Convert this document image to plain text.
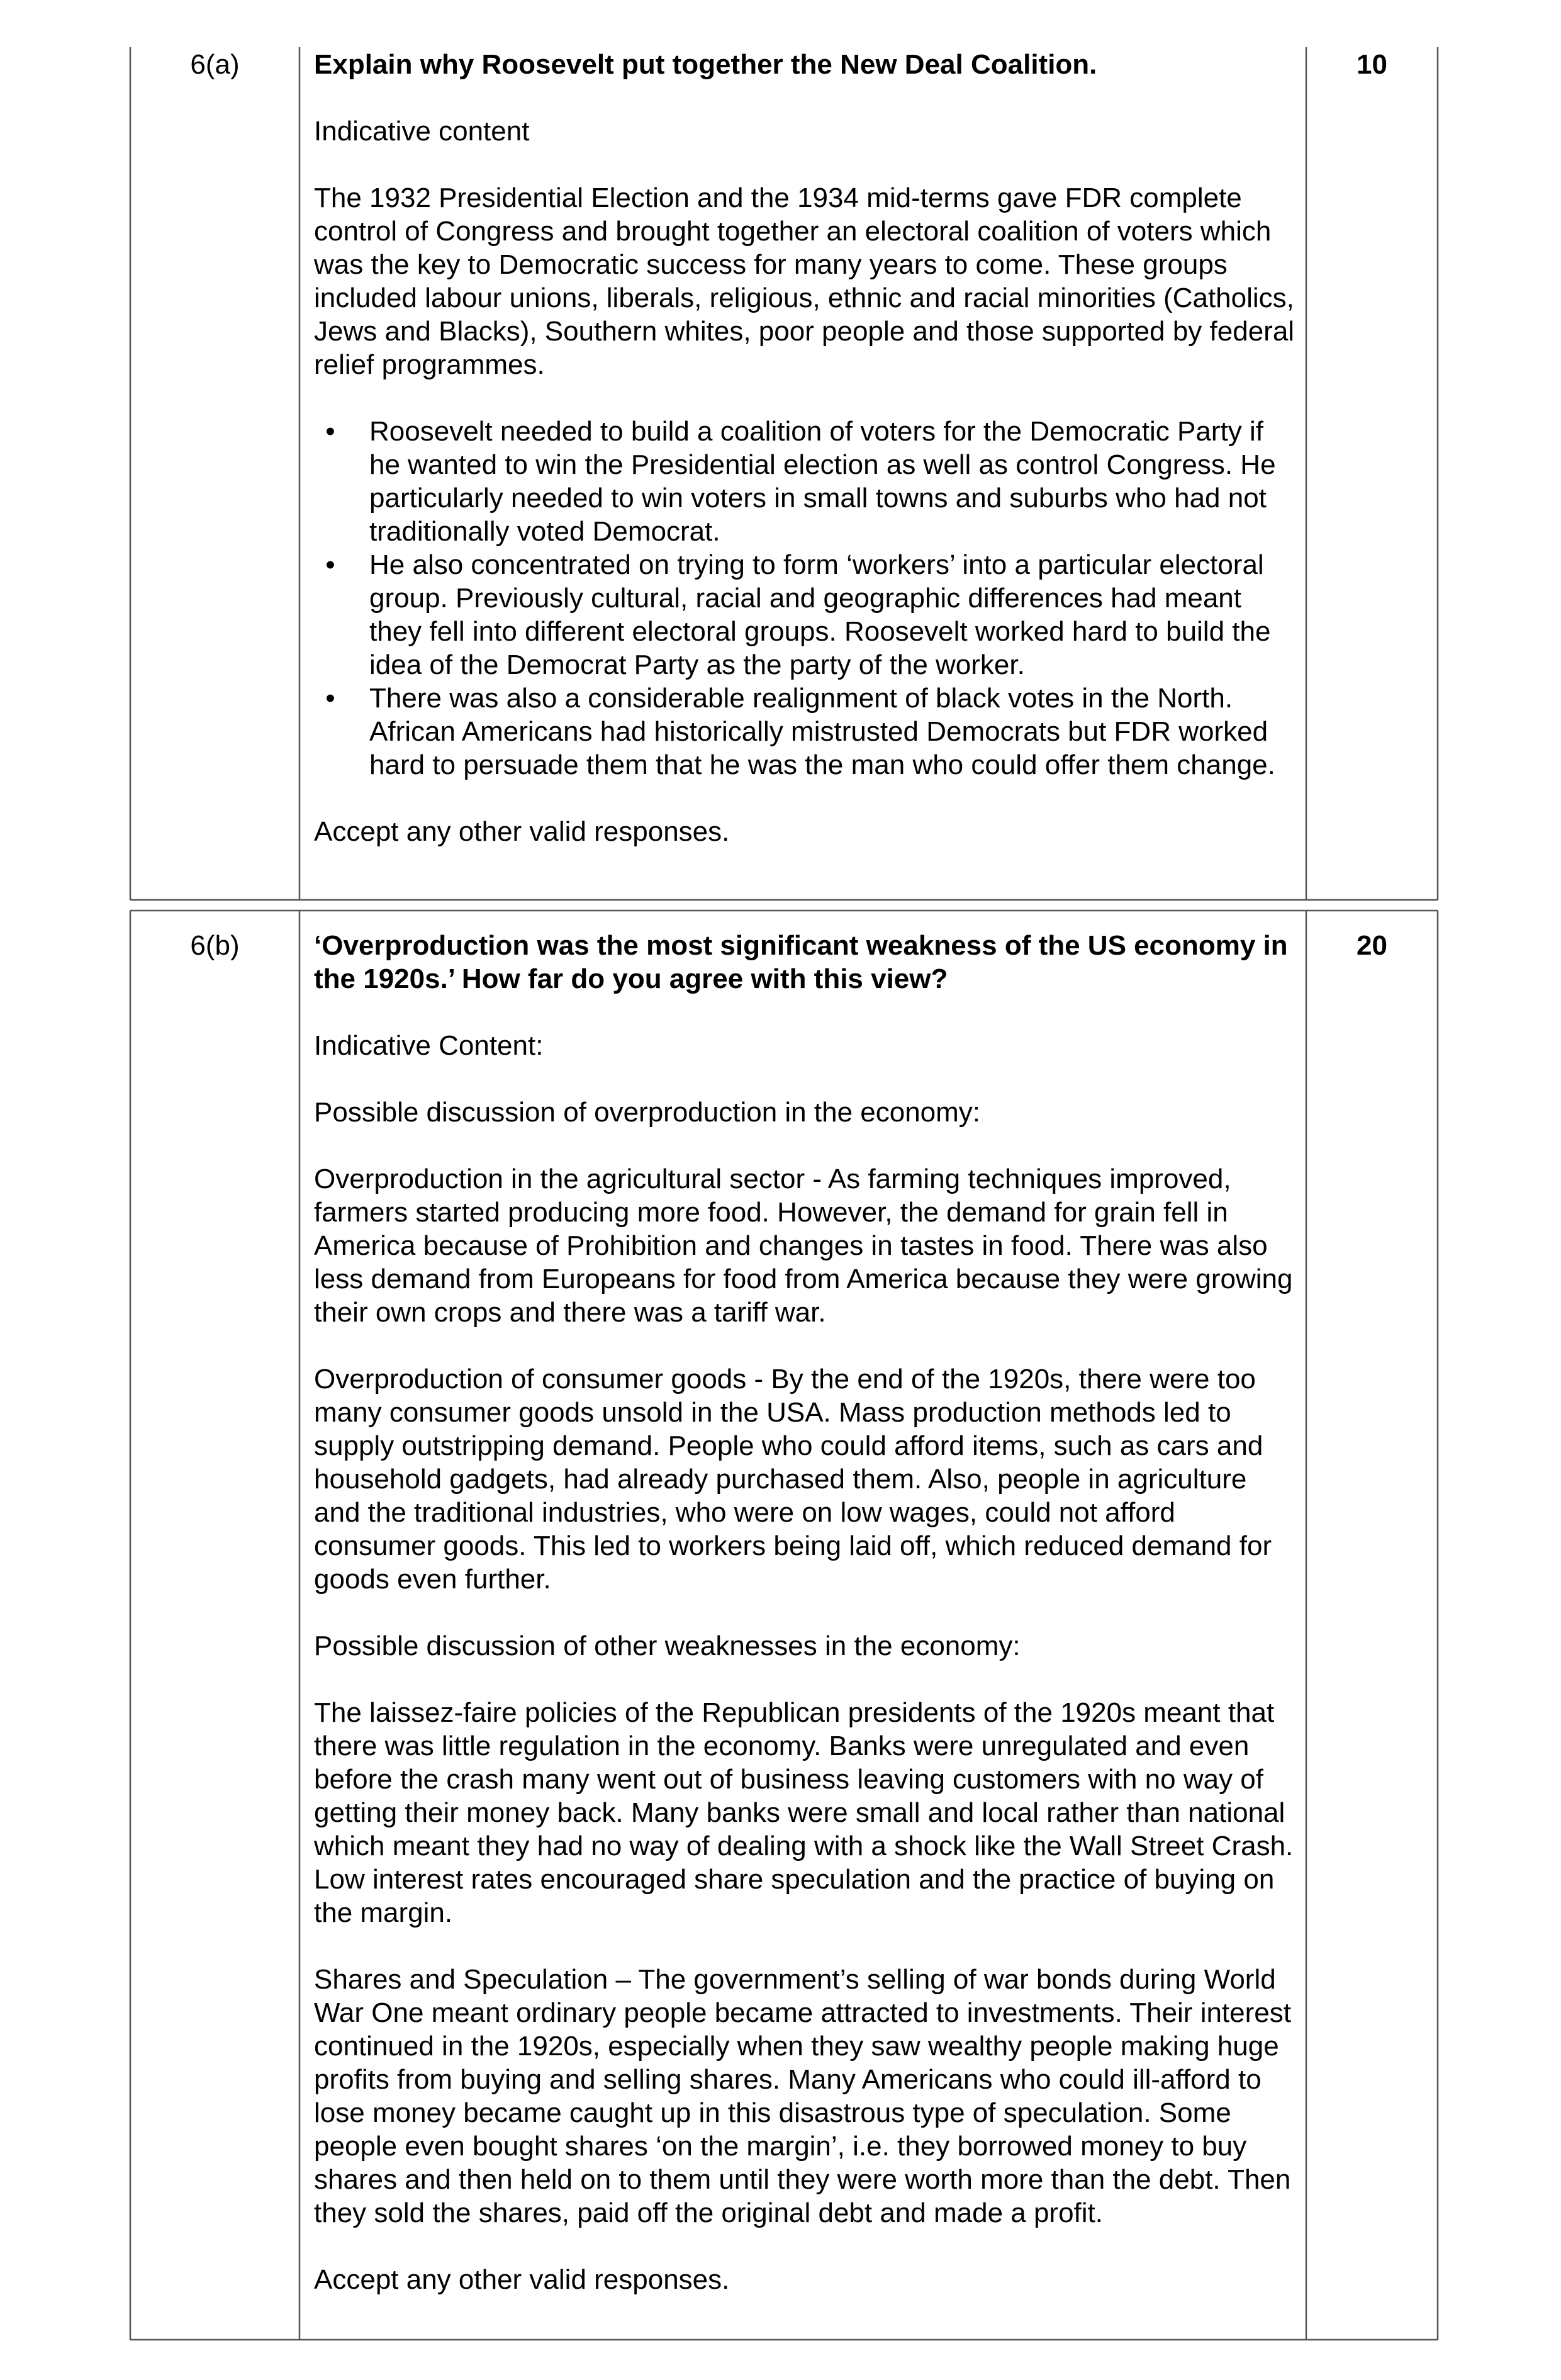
6(a)	Explain why Roosevelt put together the New Deal Coalition.

Indicative content

The 1932 Presidential Election and the 1934 mid-terms gave FDR complete control of Congress and brought together an electoral coalition of voters which was the key to Democratic success for many years to come. These groups included labour unions, liberals, religious, ethnic and racial minorities (Catholics, Jews and Blacks), Southern whites, poor people and those supported by federal relief programmes.

• Roosevelt needed to build a coalition of voters for the Democratic Party if he wanted to win the Presidential election as well as control Congress. He particularly needed to win voters in small towns and suburbs who had not traditionally voted Democrat.
• He also concentrated on trying to form ‘workers’ into a particular electoral group. Previously cultural, racial and geographic differences had meant they fell into different electoral groups. Roosevelt worked hard to build the idea of the Democrat Party as the party of the worker.
• There was also a considerable realignment of black votes in the North. African Americans had historically mistrusted Democrats but FDR worked hard to persuade them that he was the man who could offer them change.

Accept any other valid responses.

10
6(b)	‘Overproduction was the most significant weakness of the US economy in the 1920s.’ How far do you agree with this view?

Indicative Content:

Possible discussion of overproduction in the economy:

Overproduction in the agricultural sector - As farming techniques improved, farmers started producing more food. However, the demand for grain fell in America because of Prohibition and changes in tastes in food. There was also less demand from Europeans for food from America because they were growing their own crops and there was a tariff war.

Overproduction of consumer goods - By the end of the 1920s, there were too many consumer goods unsold in the USA. Mass production methods led to supply outstripping demand. People who could afford items, such as cars and household gadgets, had already purchased them. Also, people in agriculture and the traditional industries, who were on low wages, could not afford consumer goods. This led to workers being laid off, which reduced demand for goods even further.

Possible discussion of other weaknesses in the economy:

The laissez-faire policies of the Republican presidents of the 1920s meant that there was little regulation in the economy. Banks were unregulated and even before the crash many went out of business leaving customers with no way of getting their money back. Many banks were small and local rather than national which meant they had no way of dealing with a shock like the Wall Street Crash. Low interest rates encouraged share speculation and the practice of buying on the margin.

Shares and Speculation – The government’s selling of war bonds during World War One meant ordinary people became attracted to investments. Their interest continued in the 1920s, especially when they saw wealthy people making huge profits from buying and selling shares. Many Americans who could ill-afford to lose money became caught up in this disastrous type of speculation. Some people even bought shares ‘on the margin’, i.e. they borrowed money to buy shares and then held on to them until they were worth more than the debt. Then they sold the shares, paid off the original debt and made a profit.

Accept any other valid responses.

20
